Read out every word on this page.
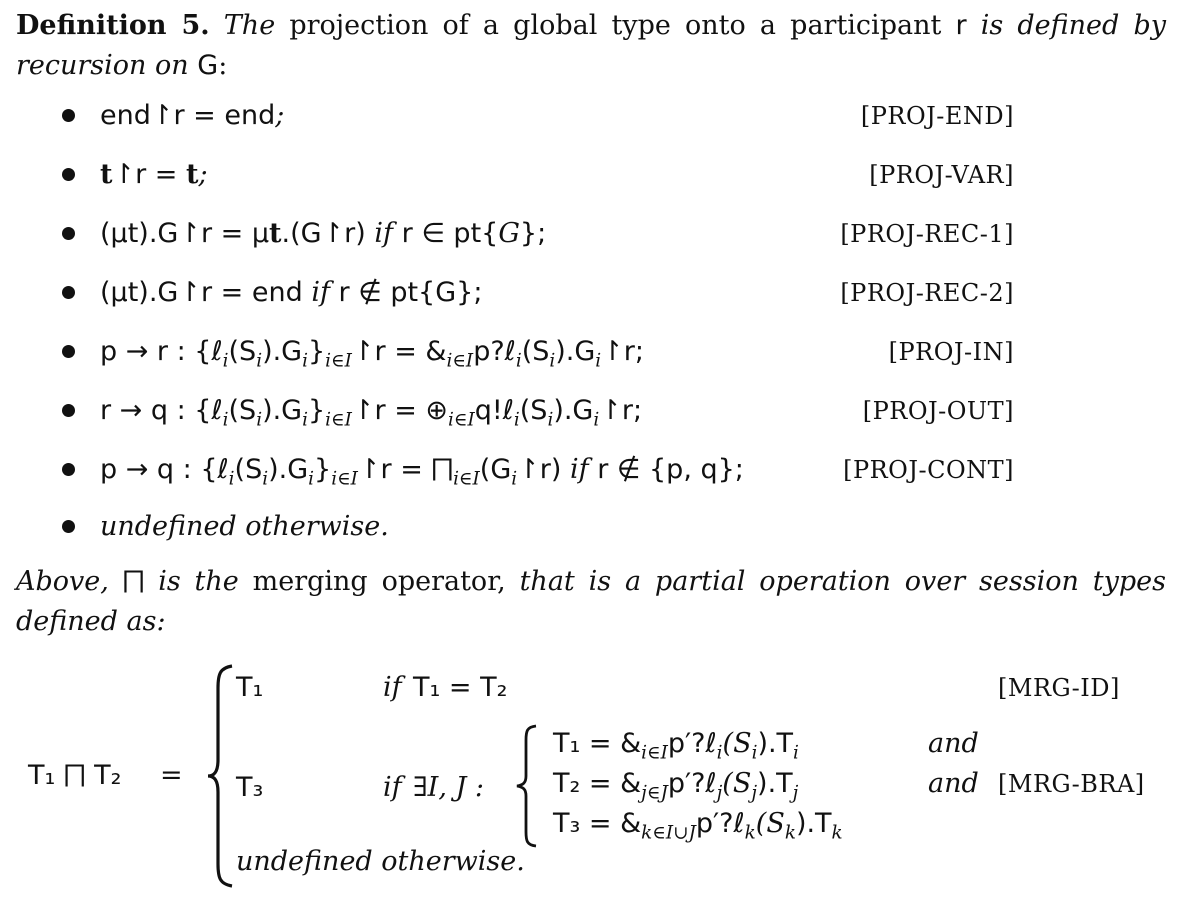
Definition 5. The projection of a global type onto a participant r is defined by
recursion on G:
end↾r = end;	[PROJ-END]
t↾r = t;	[PROJ-VAR]
(μt).G↾r = μt.(G↾r) if r ∈ pt{G};	[PROJ-REC-1]
(μt).G↾r = end if r ∉ pt{G};	[PROJ-REC-2]
p → r : $\{\ell_i(S_i).G_i\}_{i\in I}↾r$ = $\&_{i\in I}p?\ell_i(S_i).G_i↾r$;	[PROJ-IN]
r → q : $\{\ell_i(S_i).G_i\}_{i\in I}↾r$ = $\oplus_{i\in I}q!\ell_i(S_i).G_i↾r$;	[PROJ-OUT]
p → q : $\{\ell_i(S_i).G_i\}_{i\in I}↾r$ = $⨅_{i\in I}(G_i↾r)$ if r ∉ {p, q};	[PROJ-CONT]
undefined otherwise.
Above, ⨅ is the merging operator, that is a partial operation over session types
defined as:
T₁ ⨅ T₂ =
T₁	if T₁ = T₂	[MRG-ID]
T₃	if ∃I, J :
$T_1 = \&_{i\in I}p'?\ell_i(S_i).T_i$	and
$T_2 = \&_{j\in J}p'?\ell_j(S_j).T_j$	and [MRG-BRA]
$T_3 = \&_{k\in I\cup J}p'?\ell_k(S_k).T_k$
undefined otherwise.
